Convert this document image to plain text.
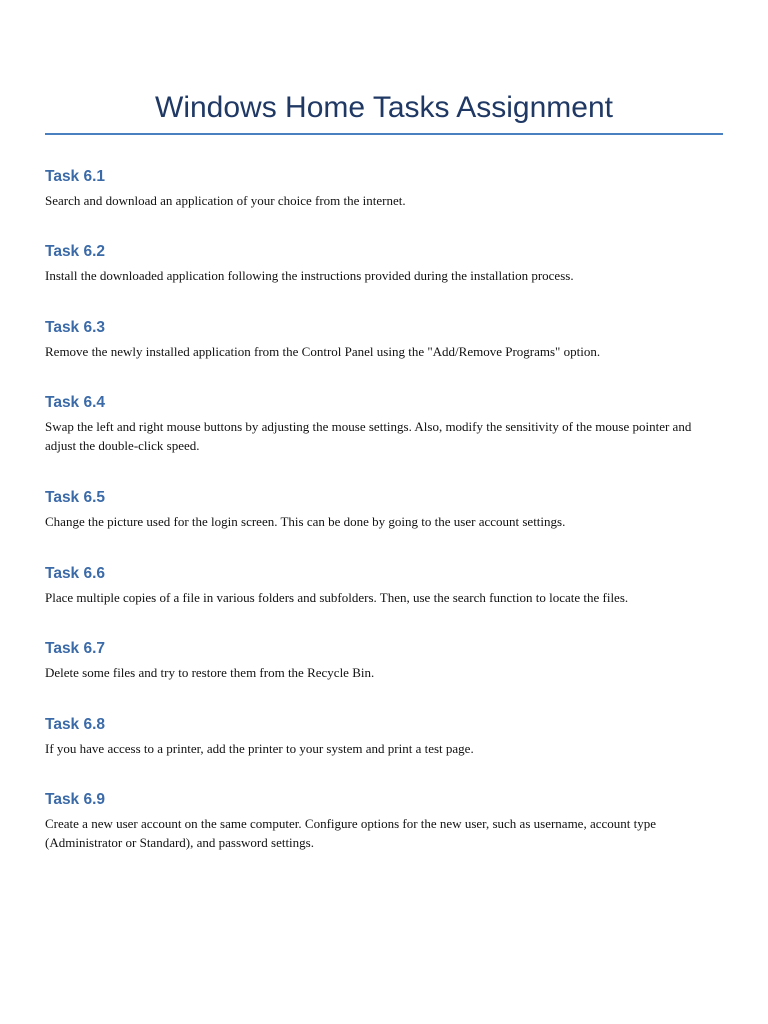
Windows Home Tasks Assignment
Task 6.1

Search and download an application of your choice from the internet.

Task 6.2

Install the downloaded application following the instructions provided during the installation process.

Task 6.3

Remove the newly installed application from the Control Panel using the "Add/Remove Programs" option.

Task 6.4

Swap the left and right mouse buttons by adjusting the mouse settings. Also, modify the sensitivity of the mouse pointer and adjust the double-click speed.

Task 6.5

Change the picture used for the login screen. This can be done by going to the user account settings.

Task 6.6

Place multiple copies of a file in various folders and subfolders. Then, use the search function to locate the files.

Task 6.7

Delete some files and try to restore them from the Recycle Bin.

Task 6.8

If you have access to a printer, add the printer to your system and print a test page.

Task 6.9

Create a new user account on the same computer. Configure options for the new user, such as username, account type (Administrator or Standard), and password settings.
